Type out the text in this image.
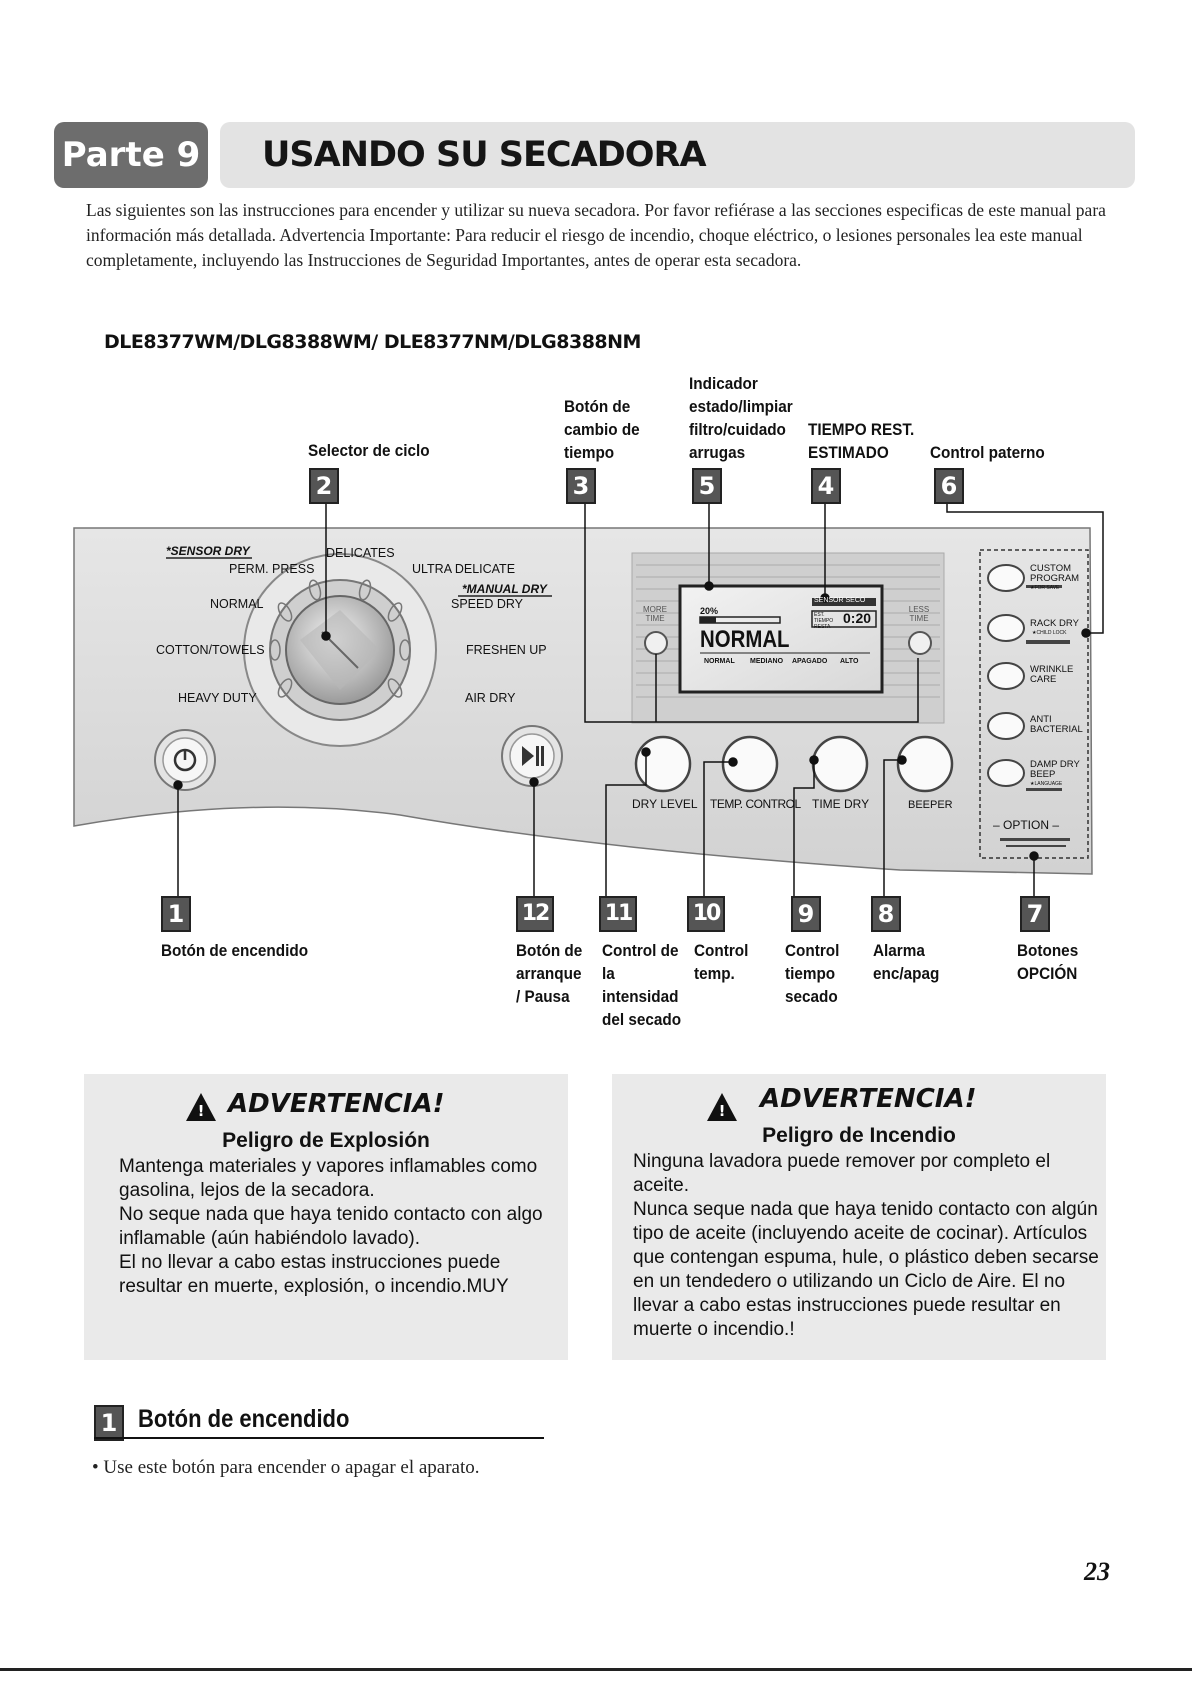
Parte 9 USANDO SU SECADORA
Las siguientes son las instrucciones para encender y utilizar su nueva secadora. Por favor refiérase a las secciones especificas de este manual para información más detallada. Advertencia Importante: Para reducir el riesgo de incendio, choque eléctrico, o lesiones personales lea este manual completamente, incluyendo las Instrucciones de Seguridad Importantes, antes de operar esta secadora.
DLE8377WM/DLG8388WM/ DLE8377NM/DLG8388NM
*SENSOR DRY
PERM. PRESS
NORMAL
COTTON/TOWELS
HEAVY DUTY
DELICATES
ULTRA DELICATE
*MANUAL DRY
SPEED DRY
FRESHEN UP
AIR DRY
MORE TIME
LESS TIME
20%
SENSOR SECO
EST. TIEMPO RESTA
0:20
NORMAL
NORMAL MEDIANO APAGADO ALTO
DRY LEVEL TEMP. CONTROL TIME DRY	BEEPER
CUSTOM PROGRAM
★FOR SAVE
RACK DRY
★CHILD LOCK
WRINKLE CARE
ANTI BACTERIAL
DAMP DRY BEEP
★LANGUAGE
– OPTION –
Selector de ciclo
2
Botón de
cambio de
tiempo
3
Indicador
estado/limpiar
filtro/cuidado
arrugas
5
TIEMPO REST.
ESTIMADO
4
Control paterno
6
1
Botón de encendido
12
Botón de
arranque
/ Pausa
11
Control de
la
intensidad
del secado
10
Control
temp.
9
Control
tiempo
secado
8
Alarma
enc/apag
7
Botones
OPCIÓN
! ADVERTENCIA!
Peligro de Explosión
Mantenga materiales y vapores inflamables como gasolina, lejos de la secadora.
No seque nada que haya tenido contacto con algo inflamable (aún habiéndolo lavado).
El no llevar a cabo estas instrucciones puede resultar en muerte, explosión, o incendio.MUY
!	ADVERTENCIA!
Peligro de Incendio
Ninguna lavadora puede remover por completo el aceite.
Nunca seque nada que haya tenido contacto con algún tipo de aceite (incluyendo aceite de cocinar). Artículos que contengan espuma, hule, o plástico deben secarse en un tendedero o utilizando un Ciclo de Aire. El no llevar a cabo estas instrucciones puede resultar en muerte o incendio.!
1 Botón de encendido
• Use este botón para encender o apagar el aparato.
23
